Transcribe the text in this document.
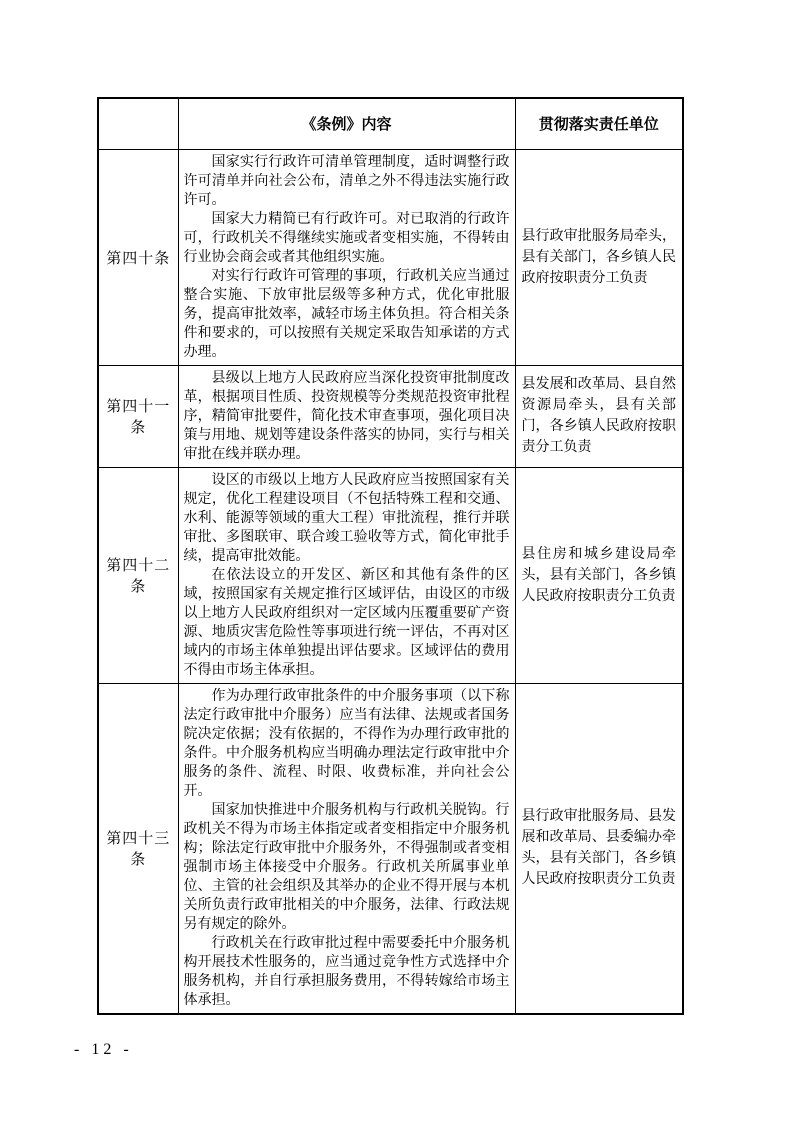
	《条例》内容	贯彻落实责任单位
第四十条	国家实行行政许可清单管理制度，适时调整行政许可清单并向社会公布，清单之外不得违法实施行政许可。

国家大力精简已有行政许可。对已取消的行政许可，行政机关不得继续实施或者变相实施，不得转由行业协会商会或者其他组织实施。

对实行行政许可管理的事项，行政机关应当通过整合实施、下放审批层级等多种方式，优化审批服务，提高审批效率，减轻市场主体负担。符合相关条件和要求的，可以按照有关规定采取告知承诺的方式办理。	县行政审批服务局牵头，县有关部门，各乡镇人民政府按职责分工负责
第四十一条	县级以上地方人民政府应当深化投资审批制度改革，根据项目性质、投资规模等分类规范投资审批程序，精简审批要件，简化技术审查事项，强化项目决策与用地、规划等建设条件落实的协同，实行与相关审批在线并联办理。	县发展和改革局、县自然资源局牵头，县有关部门，各乡镇人民政府按职责分工负责
第四十二条	设区的市级以上地方人民政府应当按照国家有关规定，优化工程建设项目（不包括特殊工程和交通、水利、能源等领域的重大工程）审批流程，推行并联审批、多图联审、联合竣工验收等方式，简化审批手续，提高审批效能。

在依法设立的开发区、新区和其他有条件的区域，按照国家有关规定推行区域评估，由设区的市级以上地方人民政府组织对一定区域内压覆重要矿产资源、地质灾害危险性等事项进行统一评估，不再对区域内的市场主体单独提出评估要求。区域评估的费用不得由市场主体承担。	县住房和城乡建设局牵头，县有关部门，各乡镇人民政府按职责分工负责
第四十三条	作为办理行政审批条件的中介服务事项（以下称法定行政审批中介服务）应当有法律、法规或者国务院决定依据；没有依据的，不得作为办理行政审批的条件。中介服务机构应当明确办理法定行政审批中介服务的条件、流程、时限、收费标准，并向社会公开。

国家加快推进中介服务机构与行政机关脱钩。行政机关不得为市场主体指定或者变相指定中介服务机构；除法定行政审批中介服务外，不得强制或者变相强制市场主体接受中介服务。行政机关所属事业单位、主管的社会组织及其举办的企业不得开展与本机关所负责行政审批相关的中介服务，法律、行政法规另有规定的除外。

行政机关在行政审批过程中需要委托中介服务机构开展技术性服务的，应当通过竞争性方式选择中介服务机构，并自行承担服务费用，不得转嫁给市场主体承担。	县行政审批服务局、县发展和改革局、县委编办牵头，县有关部门，各乡镇人民政府按职责分工负责
- 12 -
